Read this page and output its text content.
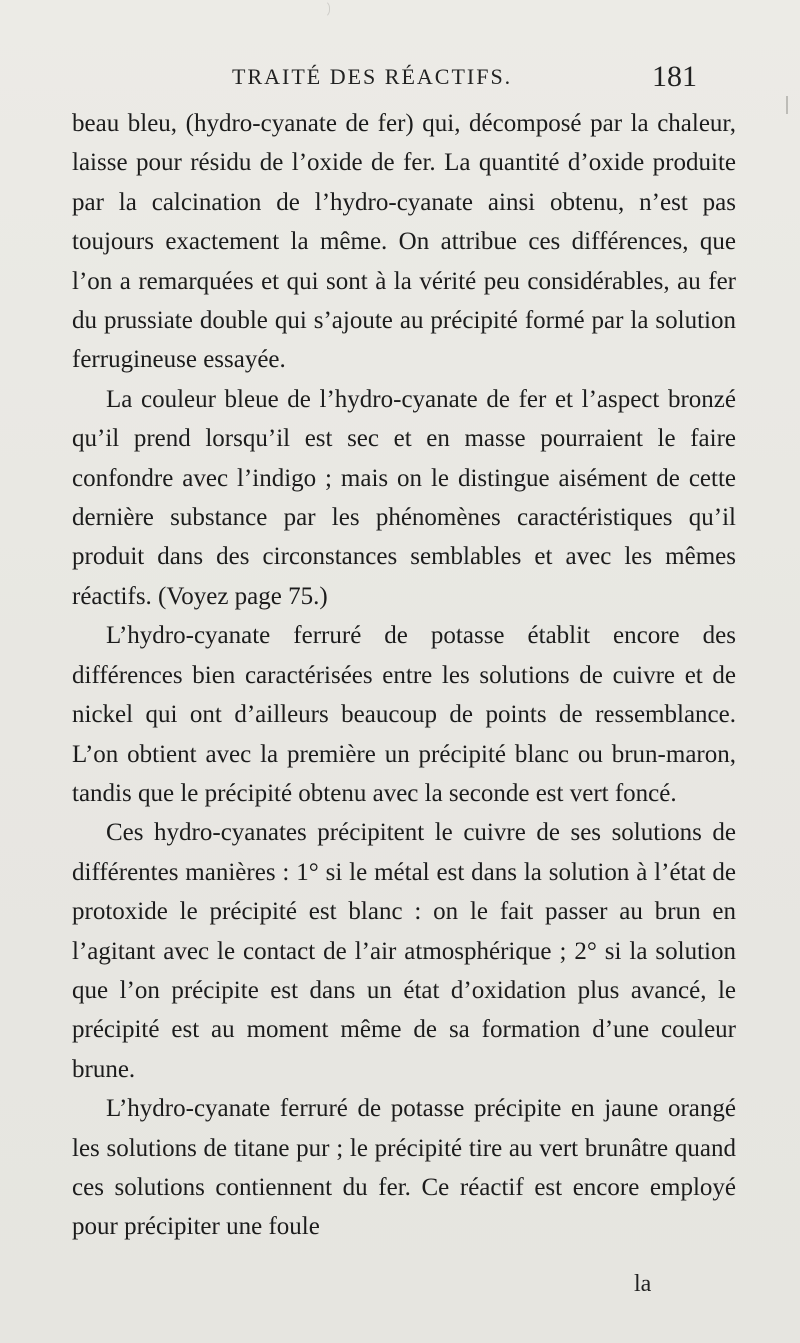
TRAITÉ DES RÉACTIFS.	181

beau bleu, (hydro-cyanate de fer) qui, décomposé par la chaleur, laisse pour résidu de l’oxide de fer. La quantité d’oxide produite par la calcination de l’hydro-cyanate ainsi obtenu, n’est pas toujours exactement la même. On attribue ces différences, que l’on a remarquées et qui sont à la vérité peu considérables, au fer du prussiate double qui s’ajoute au précipité formé par la solution ferrugineuse essayée.

La couleur bleue de l’hydro-cyanate de fer et l’aspect bronzé qu’il prend lorsqu’il est sec et en masse pourraient le faire confondre avec l’indigo ; mais on le distingue aisément de cette dernière substance par les phénomènes caractéristiques qu’il produit dans des circonstances semblables et avec les mêmes réactifs. (Voyez page 75.)

L’hydro-cyanate ferruré de potasse établit encore des différences bien caractérisées entre les solutions de cuivre et de nickel qui ont d’ailleurs beaucoup de points de ressemblance. L’on obtient avec la première un précipité blanc ou brun-maron, tandis que le précipité obtenu avec la seconde est vert foncé.

Ces hydro-cyanates précipitent le cuivre de ses solutions de différentes manières : 1° si le métal est dans la solution à l’état de protoxide le précipité est blanc : on le fait passer au brun en l’agitant avec le contact de l’air atmosphérique ; 2° si la solution que l’on précipite est dans un état d’oxidation plus avancé, le précipité est au moment même de sa formation d’une couleur brune.

L’hydro-cyanate ferruré de potasse précipite en jaune orangé les solutions de titane pur ; le précipité tire au vert brunâtre quand ces solutions contiennent du fer. Ce réactif est encore employé pour précipiter une foule

la
